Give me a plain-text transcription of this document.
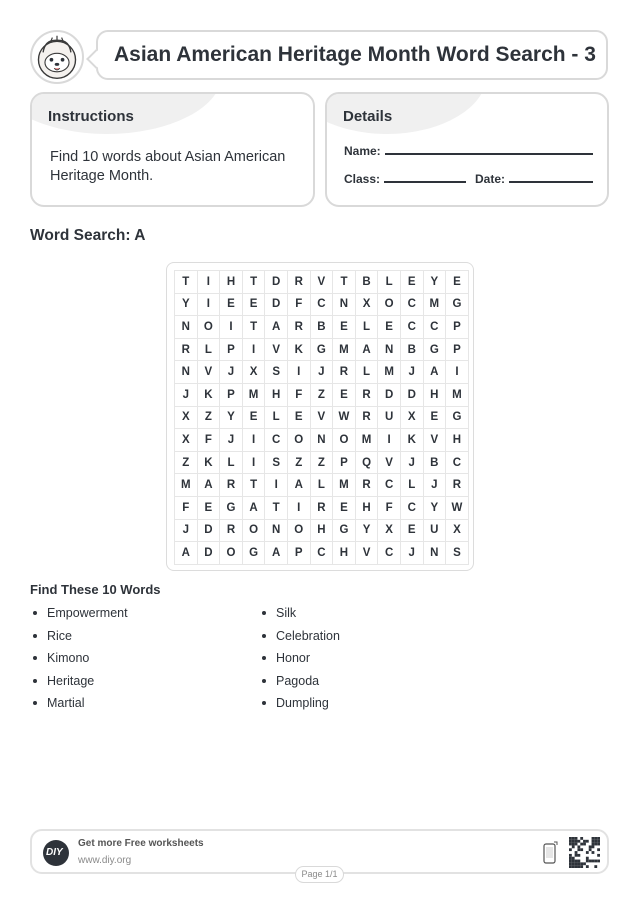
Asian American Heritage Month Word Search - 3
Instructions
Find 10 words about Asian American Heritage Month.
Details
Name:
Class:	Date:
Word Search: A
T	I	H	T	D	R	V	T	B	L	E	Y	E
Y	I	E	E	D	F	C	N	X	O	C	M	G
N	O	I	T	A	R	B	E	L	E	C	C	P
R	L	P	I	V	K	G	M	A	N	B	G	P
N	V	J	X	S	I	J	R	L	M	J	A	I
J	K	P	M	H	F	Z	E	R	D	D	H	M
X	Z	Y	E	L	E	V	W	R	U	X	E	G
X	F	J	I	C	O	N	O	M	I	K	V	H
Z	K	L	I	S	Z	Z	P	Q	V	J	B	C
M	A	R	T	I	A	L	M	R	C	L	J	R
F	E	G	A	T	I	R	E	H	F	C	Y	W
J	D	R	O	N	O	H	G	Y	X	E	U	X
A	D	O	G	A	P	C	H	V	C	J	N	S
Find These 10 Words
Empowerment
Rice
Kimono
Heritage
Martial
Silk
Celebration
Honor
Pagoda
Dumpling
DIY
Get more Free worksheets
www.diy.org
Page 1/1
